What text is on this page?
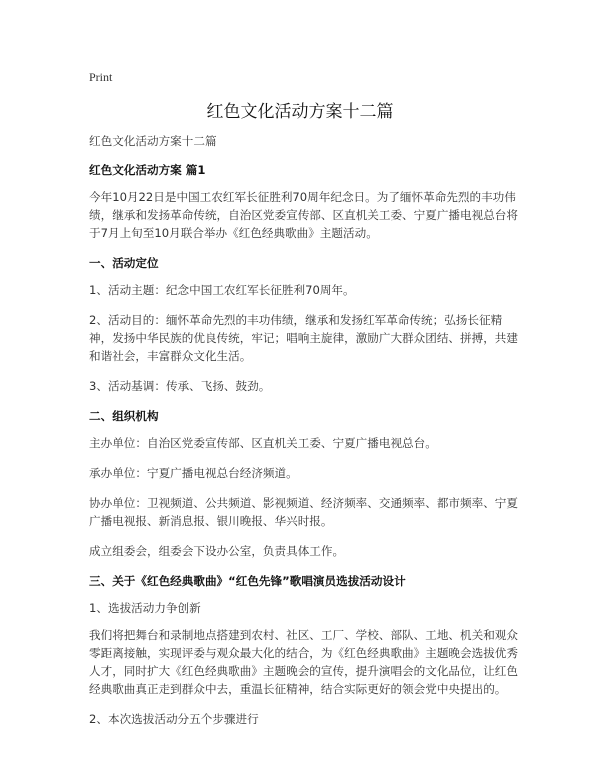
Print
红色文化活动方案十二篇

红色文化活动方案十二篇

红色文化活动方案 篇1

今年10月22日是中国工农红军长征胜利70周年纪念日。为了缅怀革命先烈的丰功伟绩，继承和发扬革命传统，自治区党委宣传部、区直机关工委、宁夏广播电视总台将于7月上旬至10月联合举办《红色经典歌曲》主题活动。

一、活动定位

1、活动主题：纪念中国工农红军长征胜利70周年。

2、活动目的：缅怀革命先烈的丰功伟绩，继承和发扬红军革命传统；弘扬长征精神，发扬中华民族的优良传统，牢记；唱响主旋律，激励广大群众团结、拼搏，共建和谐社会，丰富群众文化生活。

3、活动基调：传承、飞扬、鼓劲。

二、组织机构

主办单位：自治区党委宣传部、区直机关工委、宁夏广播电视总台。

承办单位：宁夏广播电视总台经济频道。

协办单位：卫视频道、公共频道、影视频道、经济频率、交通频率、都市频率、宁夏广播电视报、新消息报、银川晚报、华兴时报。

成立组委会，组委会下设办公室，负责具体工作。

三、关于《红色经典歌曲》“红色先锋”歌唱演员选拔活动设计

1、选拔活动力争创新

我们将把舞台和录制地点搭建到农村、社区、工厂、学校、部队、工地、机关和观众零距离接触，实现评委与观众最大化的结合，为《红色经典歌曲》主题晚会选拔优秀人才，同时扩大《红色经典歌曲》主题晚会的宣传，提升演唱会的文化品位，让红色经典歌曲真正走到群众中去，重温长征精神，结合实际更好的领会党中央提出的。

2、本次选拔活动分五个步骤进行
